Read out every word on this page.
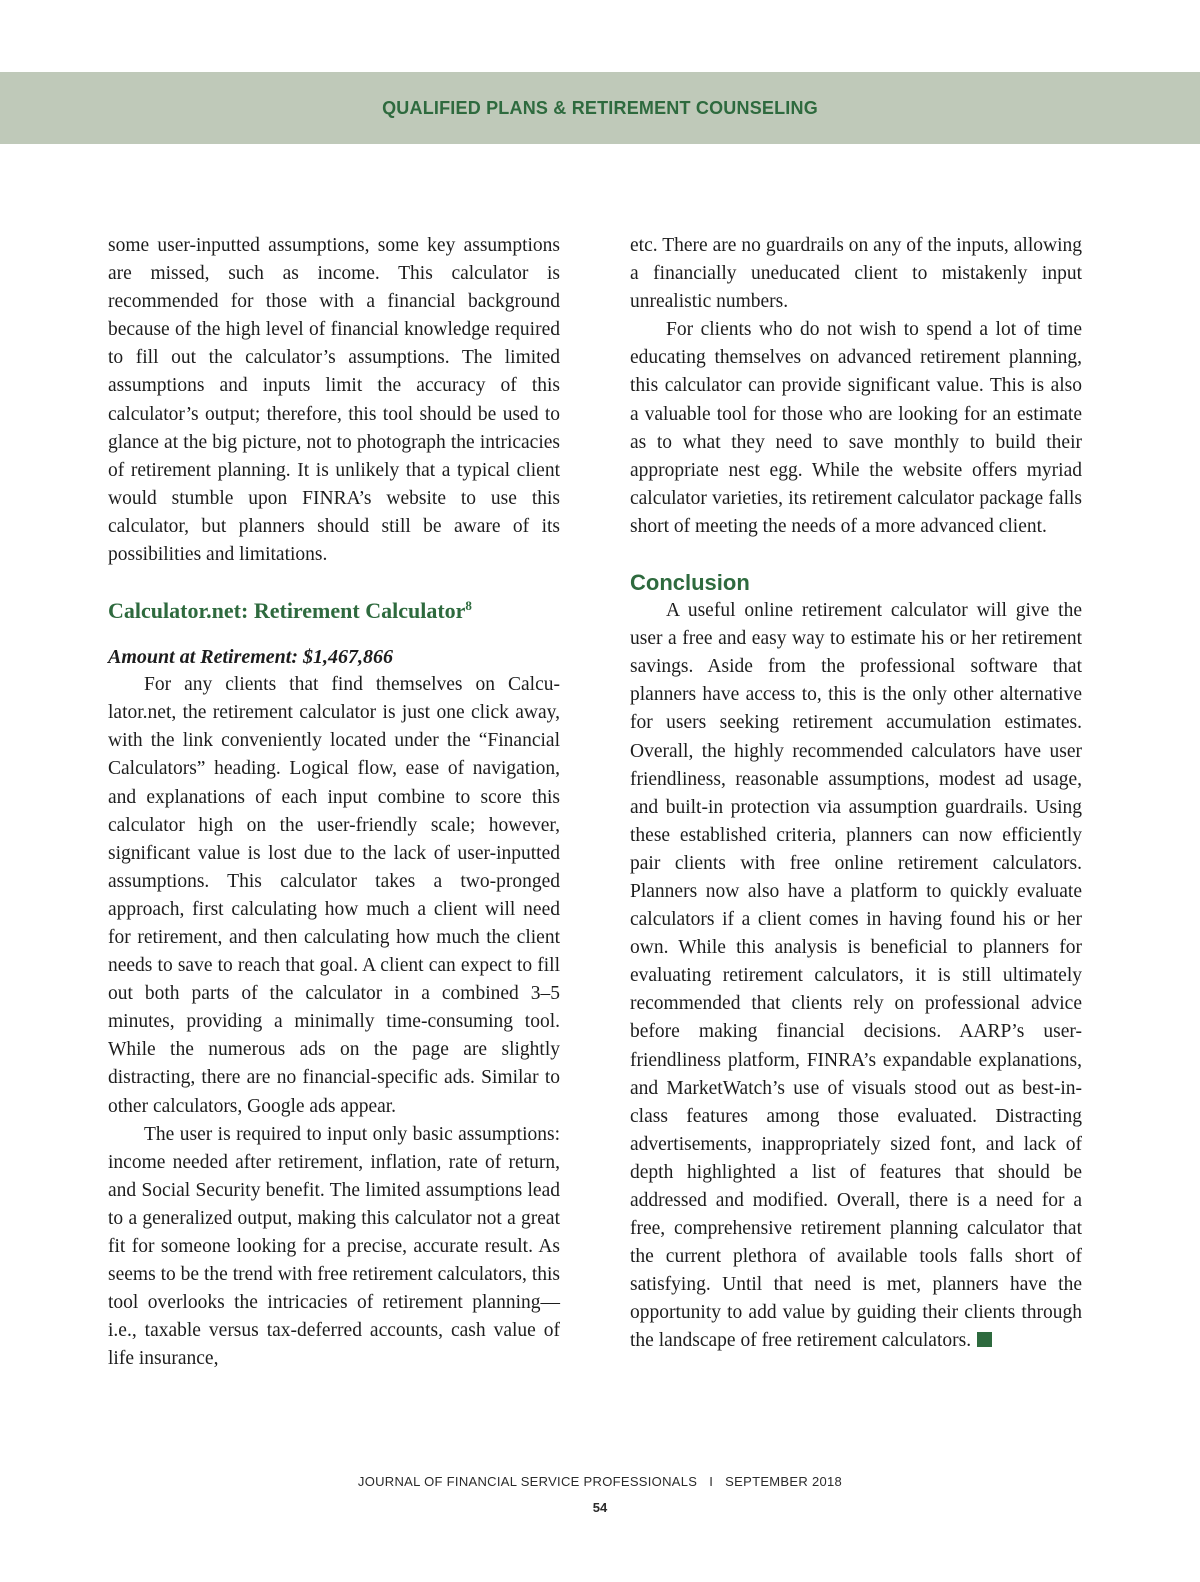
QUALIFIED PLANS & RETIREMENT COUNSELING

some user-inputted assumptions, some key assumptions are missed, such as income. This calculator is recommended for those with a financial background because of the high level of financial knowledge required to fill out the calculator’s assumptions. The limited assumptions and inputs limit the accuracy of this calculator’s output; therefore, this tool should be used to glance at the big picture, not to photograph the intricacies of retirement planning. It is unlikely that a typical client would stumble upon FINRA’s website to use this calculator, but planners should still be aware of its possibilities and limitations.

Calculator.net: Retirement Calculator$^8$
Amount at Retirement: $1,467,866

For any clients that find themselves on Calculator.net, the retirement calculator is just one click away, with the link conveniently located under the “Financial Calculators” heading. Logical flow, ease of navigation, and explanations of each input combine to score this calculator high on the user-friendly scale; however, significant value is lost due to the lack of user-inputted assumptions. This calculator takes a two-pronged approach, first calculating how much a client will need for retirement, and then calculating how much the client needs to save to reach that goal. A client can expect to fill out both parts of the calculator in a combined 3–5 minutes, providing a minimally time-consuming tool. While the numerous ads on the page are slightly distracting, there are no financial-specific ads. Similar to other calculators, Google ads appear.

The user is required to input only basic assumptions: income needed after retirement, inflation, rate of return, and Social Security benefit. The limited assumptions lead to a generalized output, making this calculator not a great fit for someone looking for a precise, accurate result. As seems to be the trend with free retirement calculators, this tool overlooks the intricacies of retirement planning— i.e., taxable versus tax-deferred accounts, cash value of life insurance,

etc. There are no guardrails on any of the inputs, allowing a financially uneducated client to mistakenly input unrealistic numbers.

For clients who do not wish to spend a lot of time educating themselves on advanced retirement planning, this calculator can provide significant value. This is also a valuable tool for those who are looking for an estimate as to what they need to save monthly to build their appropriate nest egg. While the website offers myriad calculator varieties, its retirement calculator package falls short of meeting the needs of a more advanced client.

Conclusion

A useful online retirement calculator will give the user a free and easy way to estimate his or her retirement savings. Aside from the professional software that planners have access to, this is the only other alternative for users seeking retirement accumulation estimates. Overall, the highly recommended calculators have user friendliness, reasonable assumptions, modest ad usage, and built-in protection via assumption guardrails. Using these established criteria, planners can now efficiently pair clients with free online retirement calculators. Planners now also have a platform to quickly evaluate calculators if a client comes in having found his or her own. While this analysis is beneficial to planners for evaluating retirement calculators, it is still ultimately recommended that clients rely on professional advice before making financial decisions. AARP’s user-friendliness platform, FINRA’s expandable explanations, and MarketWatch’s use of visuals stood out as best-in-class features among those evaluated. Distracting advertisements, inappropriately sized font, and lack of depth highlighted a list of features that should be addressed and modified. Overall, there is a need for a free, comprehensive retirement planning calculator that the current plethora of available tools falls short of satisfying. Until that need is met, planners have the opportunity to add value by guiding their clients through the landscape of free retirement calculators.

JOURNAL OF FINANCIAL SERVICE PROFESSIONALS I SEPTEMBER 2018
54
